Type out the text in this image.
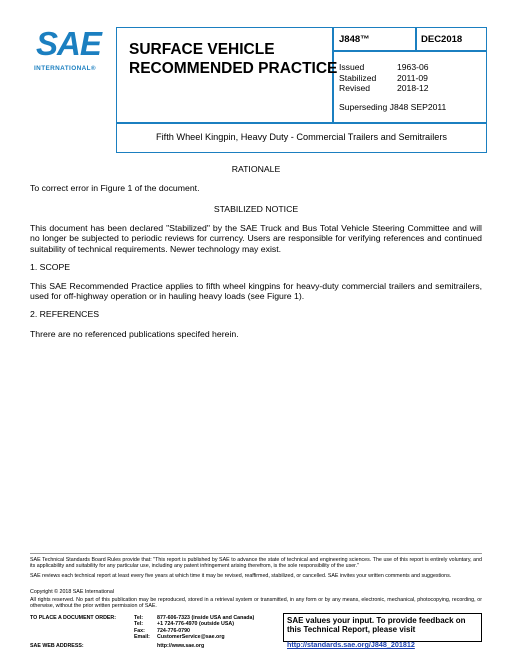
SAE
INTERNATIONAL®
SURFACE VEHICLE
RECOMMENDED PRACTICE
J848™	DEC2018
Issued	1963-06
Stabilized 2011-09
Revised	2018-12
Superseding J848 SEP2011
Fifth Wheel Kingpin, Heavy Duty - Commercial Trailers and Semitrailers
RATIONALE
To correct error in Figure 1 of the document.
STABILIZED NOTICE
This document has been declared "Stabilized" by the SAE Truck and Bus Total Vehicle Steering Committee and will no longer be subjected to periodic reviews for currency. Users are responsible for verifying references and continued suitability of technical requirements. Newer technology may exist.
1. SCOPE
This SAE Recommended Practice applies to fifth wheel kingpins for heavy-duty commercial trailers and semitrailers, used for off-highway operation or in hauling heavy loads (see Figure 1).
2. REFERENCES
Threre are no referenced publications specifed herein.
SAE Technical Standards Board Rules provide that: "This report is published by SAE to advance the state of technical and engineering sciences. The use of this report is entirely voluntary, and its applicability and suitability for any particular use, including any patent infringement arising therefrom, is the sole responsibility of the user."
SAE reviews each technical report at least every five years at which time it may be revised, reaffirmed, stabilized, or cancelled. SAE invites your written comments and suggestions.
Copyright © 2018 SAE International
All rights reserved. No part of this publication may be reproduced, stored in a retrieval system or transmitted, in any form or by any means, electronic, mechanical, photocopying, recording, or otherwise, without the prior written permission of SAE.
TO PLACE A DOCUMENT ORDER:	Tel:	877-606-7323 (inside USA and Canada)
Tel:	+1 724-776-4970 (outside USA)
Fax: 724-776-0790
Email: CustomerService@sae.org
SAE WEB ADDRESS:	http://www.sae.org
SAE values your input. To provide feedback on this Technical Report, please visit
http://standards.sae.org/J848_201812
